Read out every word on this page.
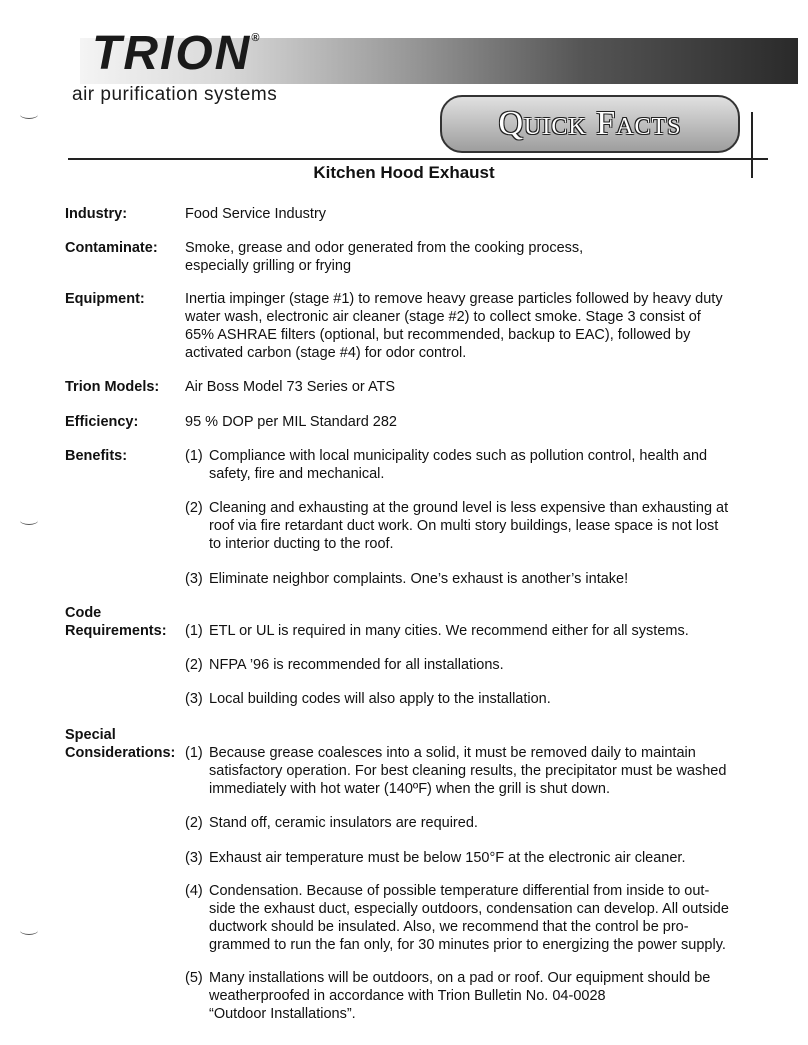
TRION®
air purification systems
Quick Facts
Kitchen Hood Exhaust
Industry:	Food Service Industry
Contaminate: Smoke, grease and odor generated from the cooking process,
especially grilling or frying
Equipment:	Inertia impinger (stage #1) to remove heavy grease particles followed by heavy duty
water wash, electronic air cleaner (stage #2) to collect smoke. Stage 3 consist of
65% ASHRAE filters (optional, but recommended, backup to EAC), followed by
activated carbon (stage #4) for odor control.
Trion Models: Air Boss Model 73 Series or ATS
Efficiency:	95 % DOP per MIL Standard 282
Benefits:	(1) Compliance with local municipality codes such as pollution control, health and
safety, fire and mechanical.
(2) Cleaning and exhausting at the ground level is less expensive than exhausting at
roof via fire retardant duct work. On multi story buildings, lease space is not lost
to interior ducting to the roof.
(3) Eliminate neighbor complaints. One’s exhaust is another’s intake!
Code
Requirements: (1) ETL or UL is required in many cities. We recommend either for all systems.
(2) NFPA ’96 is recommended for all installations.
(3) Local building codes will also apply to the installation.
Special
Considerations: (1) Because grease coalesces into a solid, it must be removed daily to maintain
satisfactory operation. For best cleaning results, the precipitator must be washed
immediately with hot water (140ºF) when the grill is shut down.
(2) Stand off, ceramic insulators are required.
(3) Exhaust air temperature must be below 150°F at the electronic air cleaner.
(4) Condensation. Because of possible temperature differential from inside to out-
side the exhaust duct, especially outdoors, condensation can develop. All outside
ductwork should be insulated. Also, we recommend that the control be pro-
grammed to run the fan only, for 30 minutes prior to energizing the power supply.
(5) Many installations will be outdoors, on a pad or roof. Our equipment should be
weatherproofed in accordance with Trion Bulletin No. 04-0028
“Outdoor Installations”.
